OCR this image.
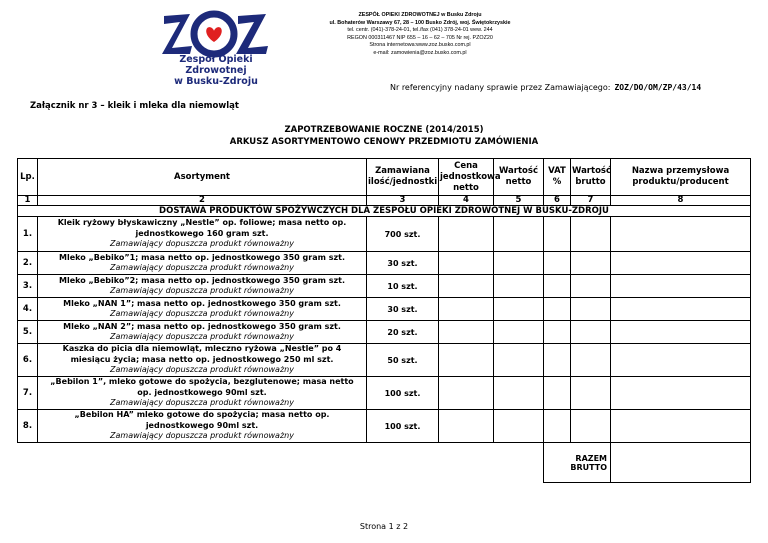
Zespół Opieki Zdrowotnej
w Busku-Zdroju
ZESPÓŁ OPIEKI ZDROWOTNEJ w Busku Zdroju
ul. Bohaterów Warszawy 67, 28 – 100 Busko Zdrój, woj. Świętokrzyskie
tel. centr. (041)-378-24-01, tel./fax (041) 378-24-01 wew. 244
REGON 000311467 NIP 655 – 16 – 62 – 705 Nr rej. PZOZ20
Strona internetowa:www.zoz.busko.com.pl
e-mail: zamowienia@zoz.busko.com.pl
Nr referencyjny nadany sprawie przez Zamawiającego: ZOZ/DO/OM/ZP/43/14
Załącznik nr 3 – kleik i mleka dla niemowląt
ZAPOTRZEBOWANIE ROCZNE (2014/2015)
ARKUSZ ASORTYMENTOWO CENOWY PRZEDMIOTU ZAMÓWIENIA
Lp.	Asortyment	Zamawiana ilość/jednostki	Cena jednostkowa netto	Wartość netto	VAT %	Wartość brutto	Nazwa przemysłowa produktu/producent
1	2	3	4	5	6	7	8
DOSTAWA PRODUKTÓW SPOŻYWCZYCH DLA ZESPOŁU OPIEKI ZDROWOTNEJ W BUSKU-ZDROJU							
1.	Kleik ryżowy błyskawiczny „Nestle” op. foliowe; masa netto op.
jednostkowego 160 gram szt.
Zamawiający dopuszcza produkt równoważny	700 szt.					
2.	Mleko „Bebiko”1; masa netto op. jednostkowego 350 gram szt.
Zamawiający dopuszcza produkt równoważny	30 szt.					
3.	Mleko „Bebiko”2; masa netto op. jednostkowego 350 gram szt.
Zamawiający dopuszcza produkt równoważny	10 szt.					
4.	Mleko „NAN 1”; masa netto op. jednostkowego 350 gram szt.
Zamawiający dopuszcza produkt równoważny	30 szt.					
5.	Mleko „NAN 2”; masa netto op. jednostkowego 350 gram szt.
Zamawiający dopuszcza produkt równoważny	20 szt.					
6.	Kaszka do picia dla niemowląt, mleczno ryżowa „Nestle” po 4
miesiącu życia; masa netto op. jednostkowego 250 ml szt.
Zamawiający dopuszcza produkt równoważny	50 szt.					
7.	„Bebilon 1”, mleko gotowe do spożycia, bezglutenowe; masa netto
op. jednostkowego 90ml szt.
Zamawiający dopuszcza produkt równoważny	100 szt.					
8.	„Bebilon HA” mleko gotowe do spożycia; masa netto op.
jednostkowego 90ml szt.
Zamawiający dopuszcza produkt równoważny	100 szt.					
					RAZEM BRUTTO		
Strona 1 z 2
